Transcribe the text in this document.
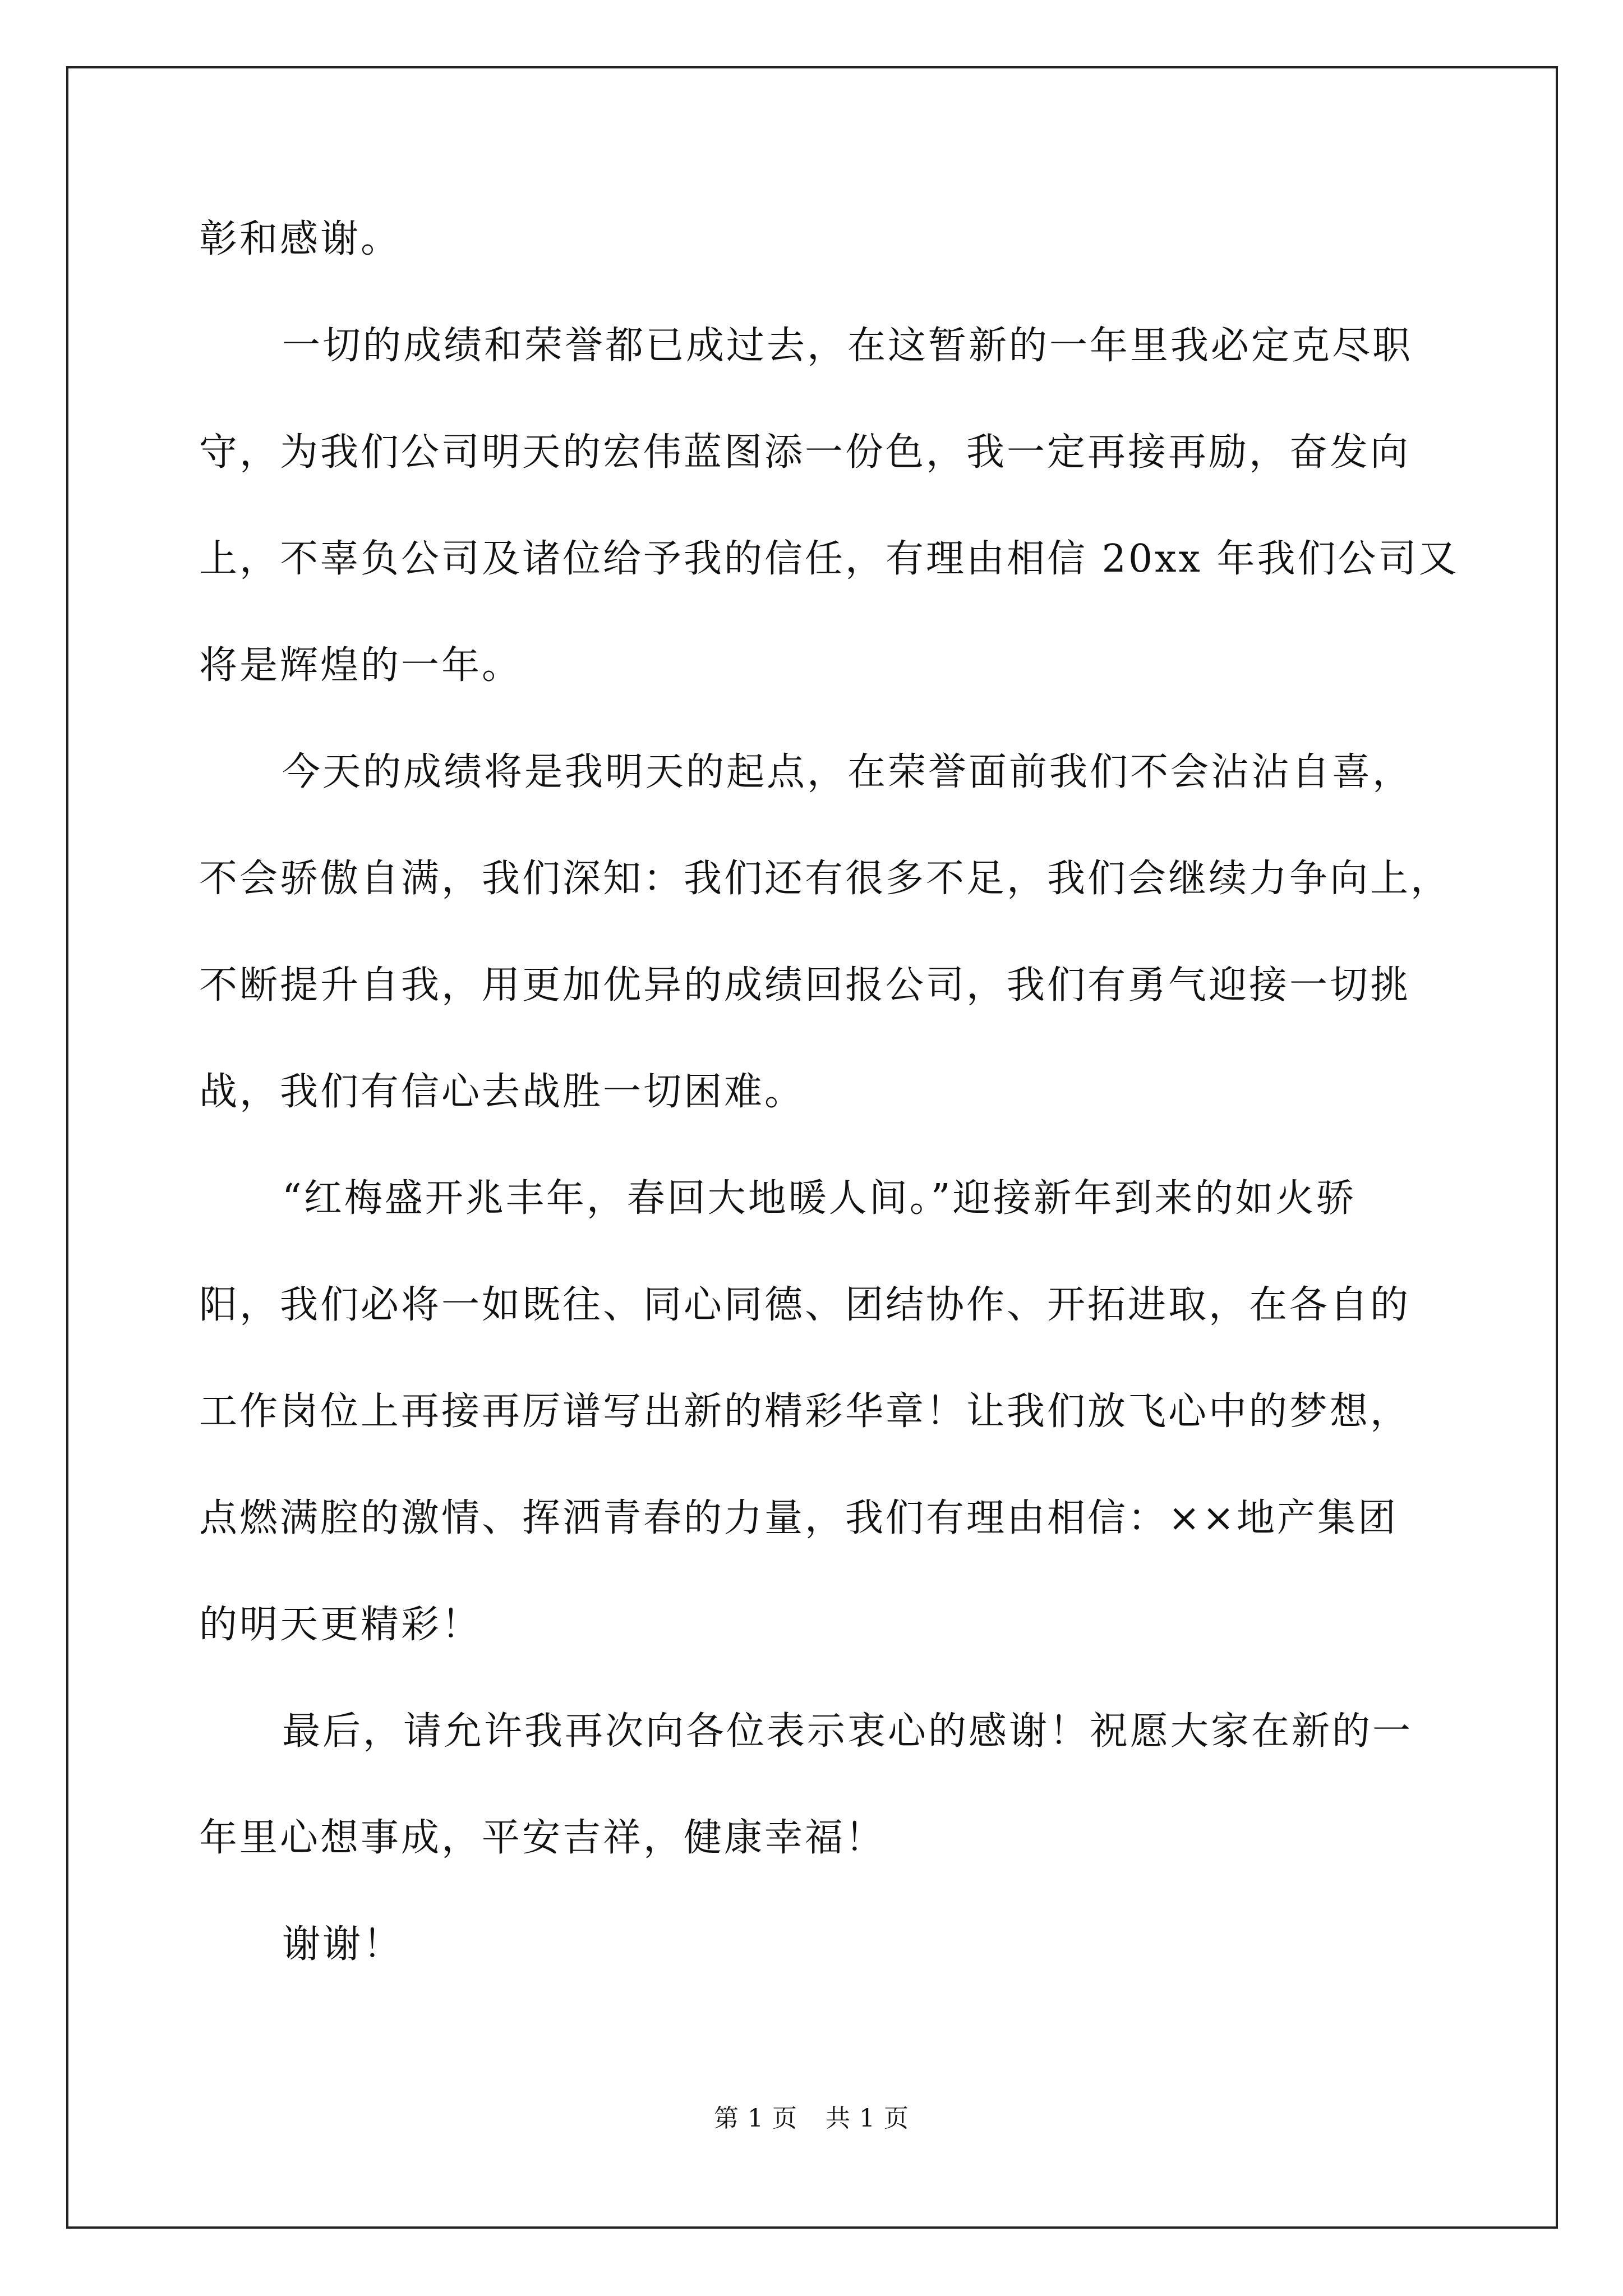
彰和感谢。
一切的成绩和荣誉都已成过去，在这暂新的一年里我必定克尽职
守，为我们公司明天的宏伟蓝图添一份色，我一定再接再励，奋发向
上，不辜负公司及诸位给予我的信任，有理由相信 20xx 年我们公司又
将是辉煌的一年。
今天的成绩将是我明天的起点，在荣誉面前我们不会沾沾自喜，
不会骄傲自满，我们深知：我们还有很多不足，我们会继续力争向上，
不断提升自我，用更加优异的成绩回报公司，我们有勇气迎接一切挑
战，我们有信心去战胜一切困难。
“红梅盛开兆丰年，春回大地暖人间。”迎接新年到来的如火骄
阳，我们必将一如既往、同心同德、团结协作、开拓进取，在各自的
工作岗位上再接再厉谱写出新的精彩华章！让我们放飞心中的梦想，
点燃满腔的激情、挥洒青春的力量，我们有理由相信：××地产集团
的明天更精彩！
最后，请允许我再次向各位表示衷心的感谢！祝愿大家在新的一
年里心想事成，平安吉祥，健康幸福！
谢谢！
第 1 页 共 1 页
